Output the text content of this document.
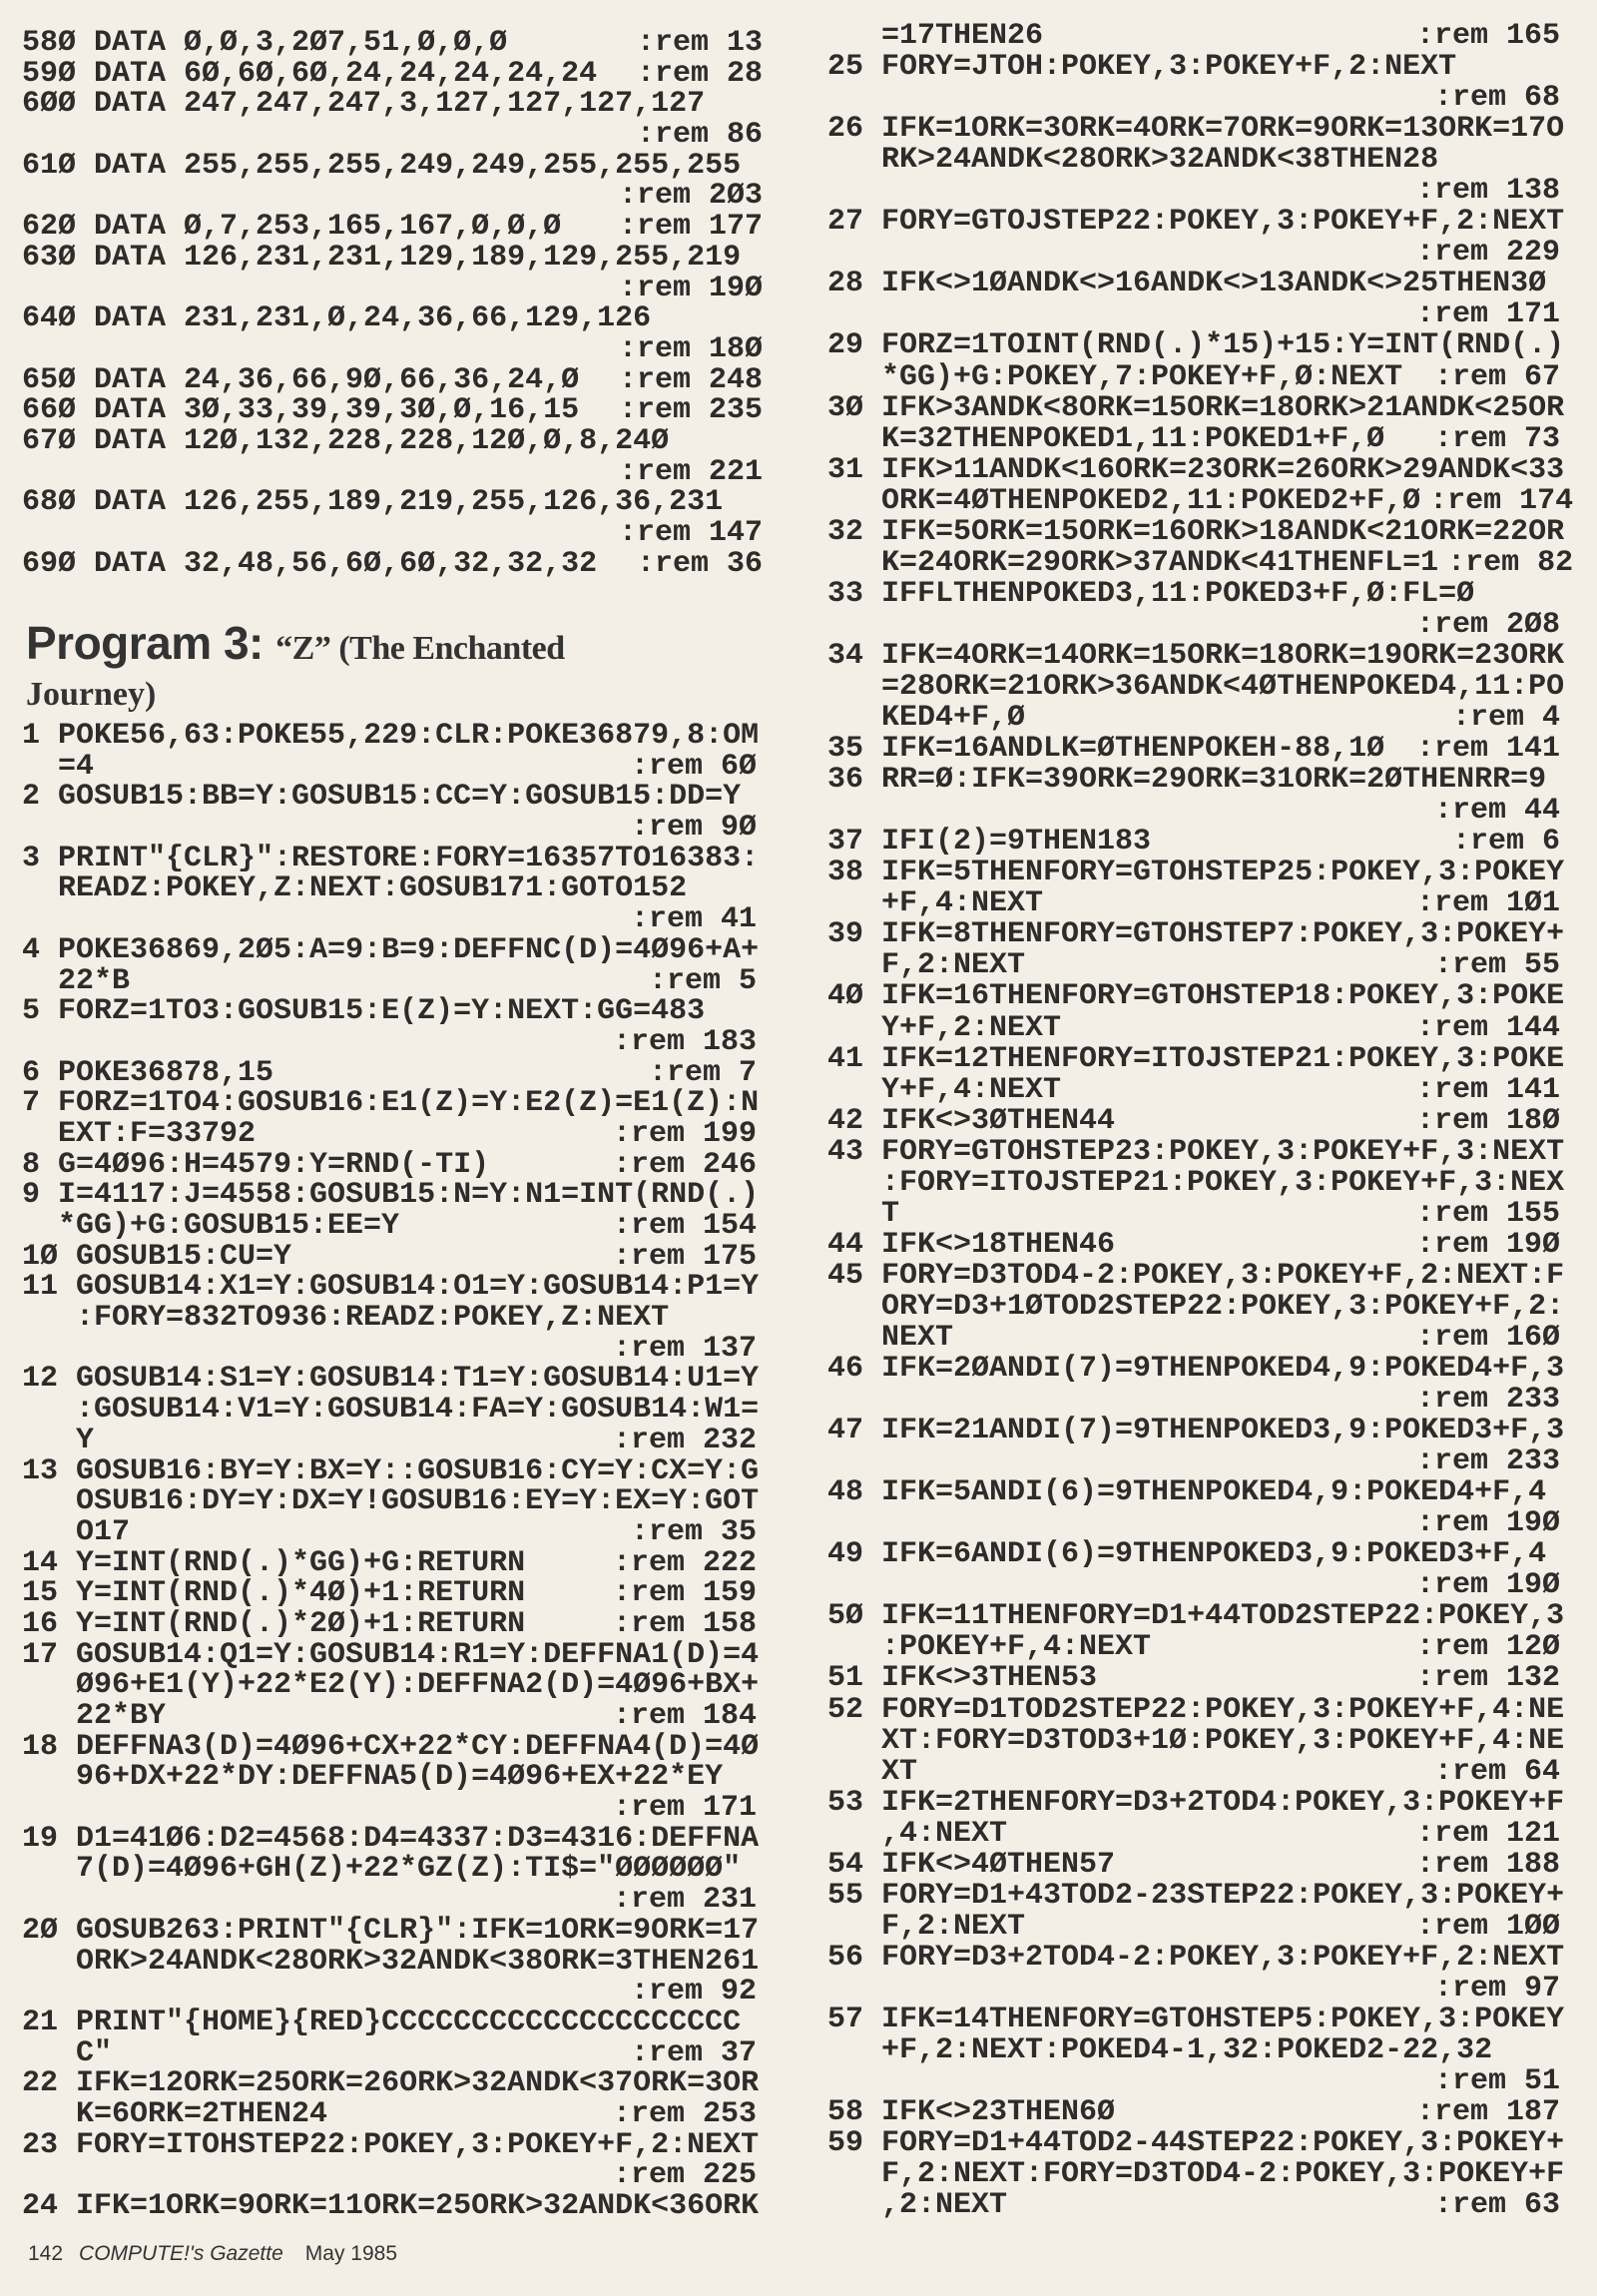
58Ø DATA Ø,Ø,3,2Ø7,51,Ø,Ø,Ø	:rem 13
59Ø DATA 6Ø,6Ø,6Ø,24,24,24,24,24	:rem 28
6ØØ DATA 247,247,247,3,127,127,127,127
:rem 86
61Ø DATA 255,255,255,249,249,255,255,255
:rem 2Ø3
62Ø DATA Ø,7,253,165,167,Ø,Ø,Ø	:rem 177
63Ø DATA 126,231,231,129,189,129,255,219
:rem 19Ø
64Ø DATA 231,231,Ø,24,36,66,129,126
:rem 18Ø
65Ø DATA 24,36,66,9Ø,66,36,24,Ø	:rem 248
66Ø DATA 3Ø,33,39,39,3Ø,Ø,16,15	:rem 235
67Ø DATA 12Ø,132,228,228,12Ø,Ø,8,24Ø
:rem 221
68Ø DATA 126,255,189,219,255,126,36,231
:rem 147
69Ø DATA 32,48,56,6Ø,6Ø,32,32,32	:rem 36
Program 3: “Z” (The Enchanted
Journey)
1 POKE56,63:POKE55,229:CLR:POKE36879,8:OM
=4	:rem 6Ø
2 GOSUB15:BB=Y:GOSUB15:CC=Y:GOSUB15:DD=Y
:rem 9Ø
3 PRINT"{CLR}":RESTORE:FORY=16357TO16383:
READZ:POKEY,Z:NEXT:GOSUB171:GOTO152
:rem 41
4 POKE36869,2Ø5:A=9:B=9:DEFFNC(D)=4Ø96+A+
22*B	:rem 5
5 FORZ=1TO3:GOSUB15:E(Z)=Y:NEXT:GG=483
:rem 183
6 POKE36878,15	:rem 7
7 FORZ=1TO4:GOSUB16:E1(Z)=Y:E2(Z)=E1(Z):N
EXT:F=33792	:rem 199
8 G=4Ø96:H=4579:Y=RND(-TI)	:rem 246
9 I=4117:J=4558:GOSUB15:N=Y:N1=INT(RND(.)
*GG)+G:GOSUB15:EE=Y	:rem 154
1Ø GOSUB15:CU=Y	:rem 175
11 GOSUB14:X1=Y:GOSUB14:O1=Y:GOSUB14:P1=Y
:FORY=832TO936:READZ:POKEY,Z:NEXT
:rem 137
12 GOSUB14:S1=Y:GOSUB14:T1=Y:GOSUB14:U1=Y
:GOSUB14:V1=Y:GOSUB14:FA=Y:GOSUB14:W1=
Y	:rem 232
13 GOSUB16:BY=Y:BX=Y::GOSUB16:CY=Y:CX=Y:G
OSUB16:DY=Y:DX=Y!GOSUB16:EY=Y:EX=Y:GOT
O17	:rem 35
14 Y=INT(RND(.)*GG)+G:RETURN	:rem 222
15 Y=INT(RND(.)*4Ø)+1:RETURN	:rem 159
16 Y=INT(RND(.)*2Ø)+1:RETURN	:rem 158
17 GOSUB14:Q1=Y:GOSUB14:R1=Y:DEFFNA1(D)=4
Ø96+E1(Y)+22*E2(Y):DEFFNA2(D)=4Ø96+BX+
22*BY	:rem 184
18 DEFFNA3(D)=4Ø96+CX+22*CY:DEFFNA4(D)=4Ø
96+DX+22*DY:DEFFNA5(D)=4Ø96+EX+22*EY
:rem 171
19 D1=41Ø6:D2=4568:D4=4337:D3=4316:DEFFNA
7(D)=4Ø96+GH(Z)+22*GZ(Z):TI$="ØØØØØØ"
:rem 231
2Ø GOSUB263:PRINT"{CLR}":IFK=1ORK=9ORK=17
ORK>24ANDK<28ORK>32ANDK<38ORK=3THEN261
:rem 92
21 PRINT"{HOME}{RED}CCCCCCCCCCCCCCCCCCCC
C"	:rem 37
22 IFK=12ORK=25ORK=26ORK>32ANDK<37ORK=3OR
K=6ORK=2THEN24	:rem 253
23 FORY=ITOHSTEP22:POKEY,3:POKEY+F,2:NEXT
:rem 225
24 IFK=1ORK=9ORK=11ORK=25ORK>32ANDK<36ORK
=17THEN26	:rem 165
25 FORY=JTOH:POKEY,3:POKEY+F,2:NEXT
:rem 68
26 IFK=1ORK=3ORK=4ORK=7ORK=9ORK=13ORK=17O
RK>24ANDK<28ORK>32ANDK<38THEN28
:rem 138
27 FORY=GTOJSTEP22:POKEY,3:POKEY+F,2:NEXT
:rem 229
28 IFK<>1ØANDK<>16ANDK<>13ANDK<>25THEN3Ø
:rem 171
29 FORZ=1TOINT(RND(.)*15)+15:Y=INT(RND(.)
*GG)+G:POKEY,7:POKEY+F,Ø:NEXT	:rem 67
3Ø IFK>3ANDK<8ORK=15ORK=18ORK>21ANDK<25OR
K=32THENPOKED1,11:POKED1+F,Ø	:rem 73
31 IFK>11ANDK<16ORK=23ORK=26ORK>29ANDK<33
ORK=4ØTHENPOKED2,11:POKED2+F,Ø :rem 174
32 IFK=5ORK=15ORK=16ORK>18ANDK<21ORK=22OR
K=24ORK=29ORK>37ANDK<41THENFL=1 :rem 82
33 IFFLTHENPOKED3,11:POKED3+F,Ø:FL=Ø
:rem 2Ø8
34 IFK=4ORK=14ORK=15ORK=18ORK=19ORK=23ORK
=28ORK=21ORK>36ANDK<4ØTHENPOKED4,11:PO
KED4+F,Ø	:rem 4
35 IFK=16ANDLK=ØTHENPOKEH-88,1Ø	:rem 141
36 RR=Ø:IFK=39ORK=29ORK=31ORK=2ØTHENRR=9
:rem 44
37 IFI(2)=9THEN183	:rem 6
38 IFK=5THENFORY=GTOHSTEP25:POKEY,3:POKEY
+F,4:NEXT	:rem 1Ø1
39 IFK=8THENFORY=GTOHSTEP7:POKEY,3:POKEY+
F,2:NEXT	:rem 55
4Ø IFK=16THENFORY=GTOHSTEP18:POKEY,3:POKE
Y+F,2:NEXT	:rem 144
41 IFK=12THENFORY=ITOJSTEP21:POKEY,3:POKE
Y+F,4:NEXT	:rem 141
42 IFK<>3ØTHEN44	:rem 18Ø
43 FORY=GTOHSTEP23:POKEY,3:POKEY+F,3:NEXT
:FORY=ITOJSTEP21:POKEY,3:POKEY+F,3:NEX
T	:rem 155
44 IFK<>18THEN46	:rem 19Ø
45 FORY=D3TOD4-2:POKEY,3:POKEY+F,2:NEXT:F
ORY=D3+1ØTOD2STEP22:POKEY,3:POKEY+F,2:
NEXT	:rem 16Ø
46 IFK=2ØANDI(7)=9THENPOKED4,9:POKED4+F,3
:rem 233
47 IFK=21ANDI(7)=9THENPOKED3,9:POKED3+F,3
:rem 233
48 IFK=5ANDI(6)=9THENPOKED4,9:POKED4+F,4
:rem 19Ø
49 IFK=6ANDI(6)=9THENPOKED3,9:POKED3+F,4
:rem 19Ø
5Ø IFK=11THENFORY=D1+44TOD2STEP22:POKEY,3
:POKEY+F,4:NEXT	:rem 12Ø
51 IFK<>3THEN53	:rem 132
52 FORY=D1TOD2STEP22:POKEY,3:POKEY+F,4:NE
XT:FORY=D3TOD3+1Ø:POKEY,3:POKEY+F,4:NE
XT	:rem 64
53 IFK=2THENFORY=D3+2TOD4:POKEY,3:POKEY+F
,4:NEXT	:rem 121
54 IFK<>4ØTHEN57	:rem 188
55 FORY=D1+43TOD2-23STEP22:POKEY,3:POKEY+
F,2:NEXT	:rem 1ØØ
56 FORY=D3+2TOD4-2:POKEY,3:POKEY+F,2:NEXT
:rem 97
57 IFK=14THENFORY=GTOHSTEP5:POKEY,3:POKEY
+F,2:NEXT:POKED4-1,32:POKED2-22,32
:rem 51
58 IFK<>23THEN6Ø	:rem 187
59 FORY=D1+44TOD2-44STEP22:POKEY,3:POKEY+
F,2:NEXT:FORY=D3TOD4-2:POKEY,3:POKEY+F
,2:NEXT	:rem 63
142 COMPUTE!'s Gazette May 1985
